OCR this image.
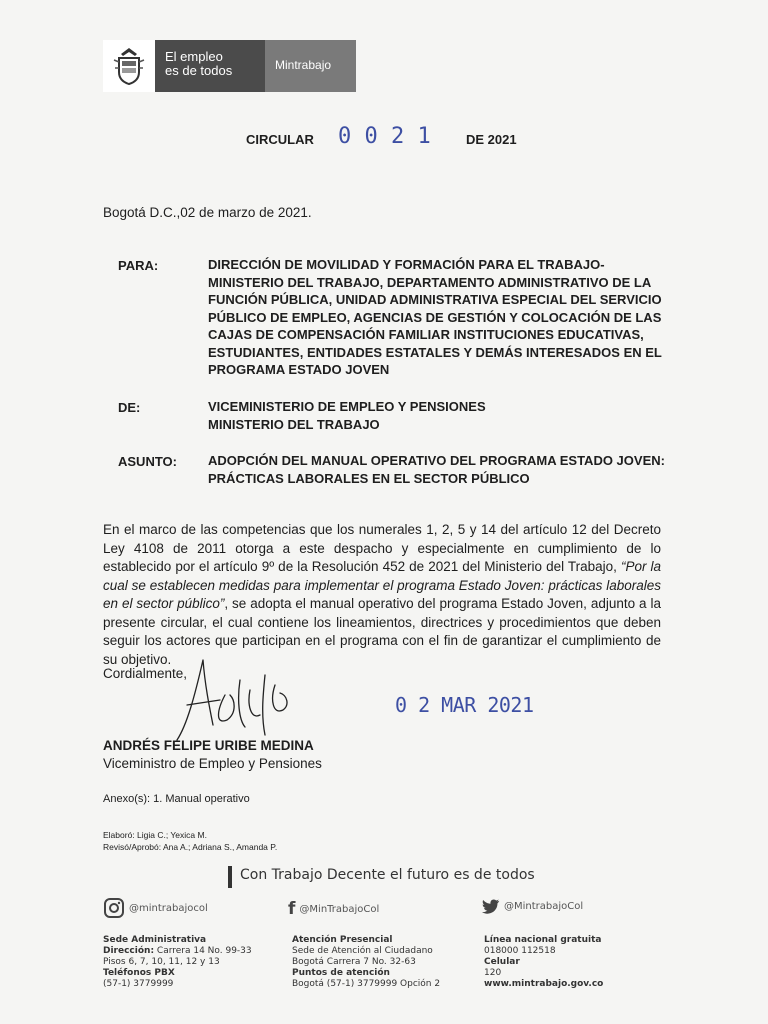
El empleo
es de todos	Mintrabajo
CIRCULAR 0 0 2 1	DE 2021
Bogotá D.C.,02 de marzo de 2021.
PARA:	DIRECCIÓN DE MOVILIDAD Y FORMACIÓN PARA EL TRABAJO-
MINISTERIO DEL TRABAJO, DEPARTAMENTO ADMINISTRATIVO DE LA
FUNCIÓN PÚBLICA, UNIDAD ADMINISTRATIVA ESPECIAL DEL SERVICIO
PÚBLICO DE EMPLEO, AGENCIAS DE GESTIÓN Y COLOCACIÓN DE LAS
CAJAS DE COMPENSACIÓN FAMILIAR INSTITUCIONES EDUCATIVAS,
ESTUDIANTES, ENTIDADES ESTATALES Y DEMÁS INTERESADOS EN EL
PROGRAMA ESTADO JOVEN
DE:	VICEMINISTERIO DE EMPLEO Y PENSIONES
MINISTERIO DEL TRABAJO
ASUNTO: ADOPCIÓN DEL MANUAL OPERATIVO DEL PROGRAMA ESTADO JOVEN:
PRÁCTICAS LABORALES EN EL SECTOR PÚBLICO
En el marco de las competencias que los numerales 1, 2, 5 y 14 del artículo 12 del Decreto Ley 4108 de 2011 otorga a este despacho y especialmente en cumplimiento de lo establecido por el artículo 9º de la Resolución 452 de 2021 del Ministerio del Trabajo, “Por la cual se establecen medidas para implementar el programa Estado Joven: prácticas laborales en el sector público”, se adopta el manual operativo del programa Estado Joven, adjunto a la presente circular, el cual contiene los lineamientos, directrices y procedimientos que deben seguir los actores que participan en el programa con el fin de garantizar el cumplimiento de su objetivo.
Cordialmente,
0 2 MAR 2021
ANDRÉS FELIPE URIBE MEDINA
Viceministro de Empleo y Pensiones
Anexo(s): 1. Manual operativo
Elaboró: Ligia C.; Yexica M.
Revisó/Aprobó: Ana A.; Adriana S., Amanda P.
Con Trabajo Decente el futuro es de todos
@mintrabajocol	f @MinTrabajoCol	@MintrabajoCol
Sede Administrativa
Dirección: Carrera 14 No. 99-33
Pisos 6, 7, 10, 11, 12 y 13
Teléfonos PBX
(57-1) 3779999
Atención Presencial
Sede de Atención al Ciudadano
Bogotá Carrera 7 No. 32-63
Puntos de atención
Bogotá (57-1) 3779999 Opción 2
Línea nacional gratuita
018000 112518
Celular
120
www.mintrabajo.gov.co
